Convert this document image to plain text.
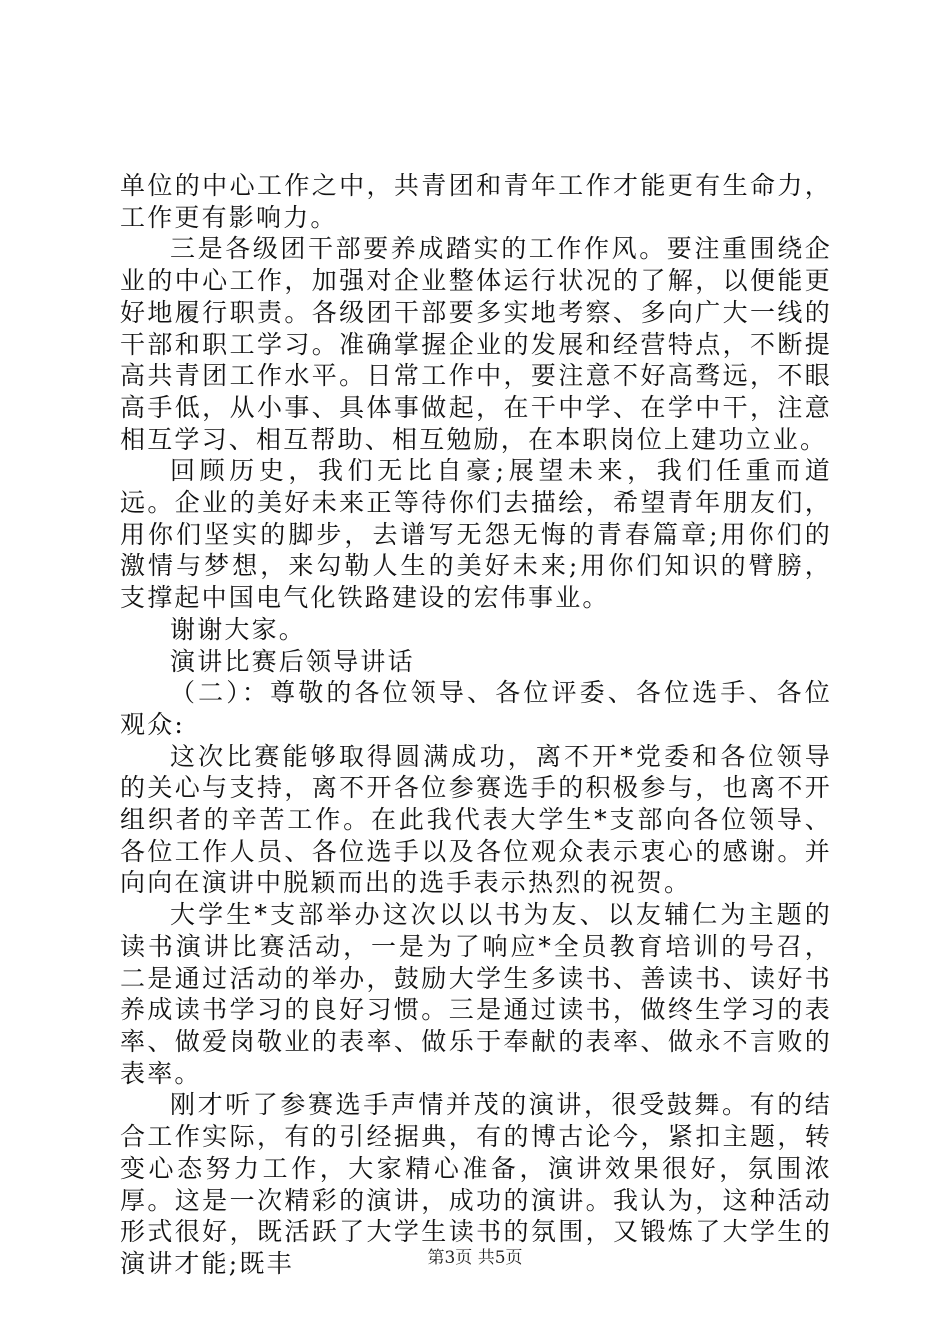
单位的中心工作之中，共青团和青年工作才能更有生命力，工作更有影响力。

三是各级团干部要养成踏实的工作作风。要注重围绕企业的中心工作，加强对企业整体运行状况的了解，以便能更好地履行职责。各级团干部要多实地考察、多向广大一线的干部和职工学习。准确掌握企业的发展和经营特点，不断提高共青团工作水平。日常工作中，要注意不好高骛远，不眼高手低，从小事、具体事做起，在干中学、在学中干，注意相互学习、相互帮助、相互勉励，在本职岗位上建功立业。

回顾历史，我们无比自豪;展望未来，我们任重而道远。企业的美好未来正等待你们去描绘，希望青年朋友们，用你们坚实的脚步，去谱写无怨无悔的青春篇章;用你们的激情与梦想，来勾勒人生的美好未来;用你们知识的臂膀，支撑起中国电气化铁路建设的宏伟事业。

谢谢大家。

演讲比赛后领导讲话

（二）：尊敬的各位领导、各位评委、各位选手、各位观众:

这次比赛能够取得圆满成功，离不开*党委和各位领导的关心与支持，离不开各位参赛选手的积极参与，也离不开组织者的辛苦工作。在此我代表大学生*支部向各位领导、各位工作人员、各位选手以及各位观众表示衷心的感谢。并向向在演讲中脱颖而出的选手表示热烈的祝贺。

大学生*支部举办这次以以书为友、以友辅仁为主题的读书演讲比赛活动，一是为了响应*全员教育培训的号召，二是通过活动的举办，鼓励大学生多读书、善读书、读好书养成读书学习的良好习惯。三是通过读书，做终生学习的表率、做爱岗敬业的表率、做乐于奉献的表率、做永不言败的表率。

刚才听了参赛选手声情并茂的演讲，很受鼓舞。有的结合工作实际，有的引经据典，有的博古论今，紧扣主题，转变心态努力工作，大家精心准备，演讲效果很好，氛围浓厚。这是一次精彩的演讲，成功的演讲。我认为，这种活动形式很好，既活跃了大学生读书的氛围，又锻炼了大学生的演讲才能;既丰	第3页 共5页
